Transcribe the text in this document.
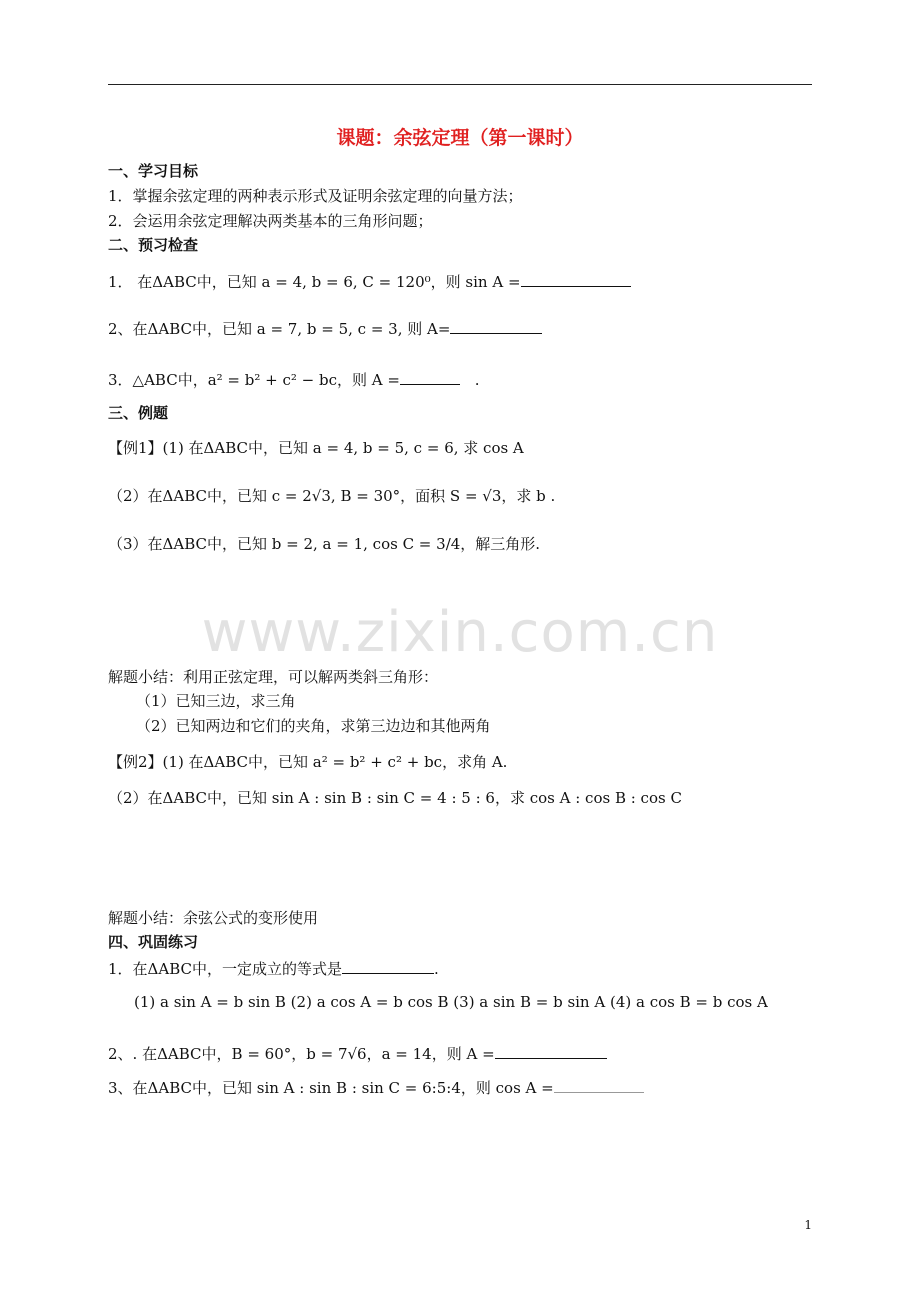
课题：余弦定理（第一课时）
一、学习目标
1．掌握余弦定理的两种表示形式及证明余弦定理的向量方法；
2．会运用余弦定理解决两类基本的三角形问题；
二、预习检查
1． 在ΔABC中，已知 a = 4, b = 6, C = 120⁰，则 sin A =
2、在ΔABC中，已知 a = 7, b = 5, c = 3, 则 A=
3．△ABC中，a² = b² + c² − bc，则 A =	.
三、例题
【例1】(1) 在ΔABC中，已知 a = 4, b = 5, c = 6, 求 cos A
（2）在ΔABC中，已知 c = 2√3, B = 30°，面积 S = √3，求 b .
（3）在ΔABC中，已知 b = 2, a = 1, cos C = 3/4，解三角形.
www.zixin.com.cn
解题小结：利用正弦定理，可以解两类斜三角形：
（1）已知三边，求三角
（2）已知两边和它们的夹角，求第三边边和其他两角
【例2】(1) 在ΔABC中，已知 a² = b² + c² + bc，求角 A.
（2）在ΔABC中，已知 sin A : sin B : sin C = 4 : 5 : 6，求 cos A : cos B : cos C
解题小结：余弦公式的变形使用
四、巩固练习
1．在ΔABC中，一定成立的等式是	.
(1) a sin A = b sin B (2) a cos A = b cos B (3) a sin B = b sin A (4) a cos B = b cos A
2、. 在ΔABC中，B = 60°，b = 7√6，a = 14，则 A =
3、在ΔABC中，已知 sin A : sin B : sin C = 6:5:4，则 cos A =
1
